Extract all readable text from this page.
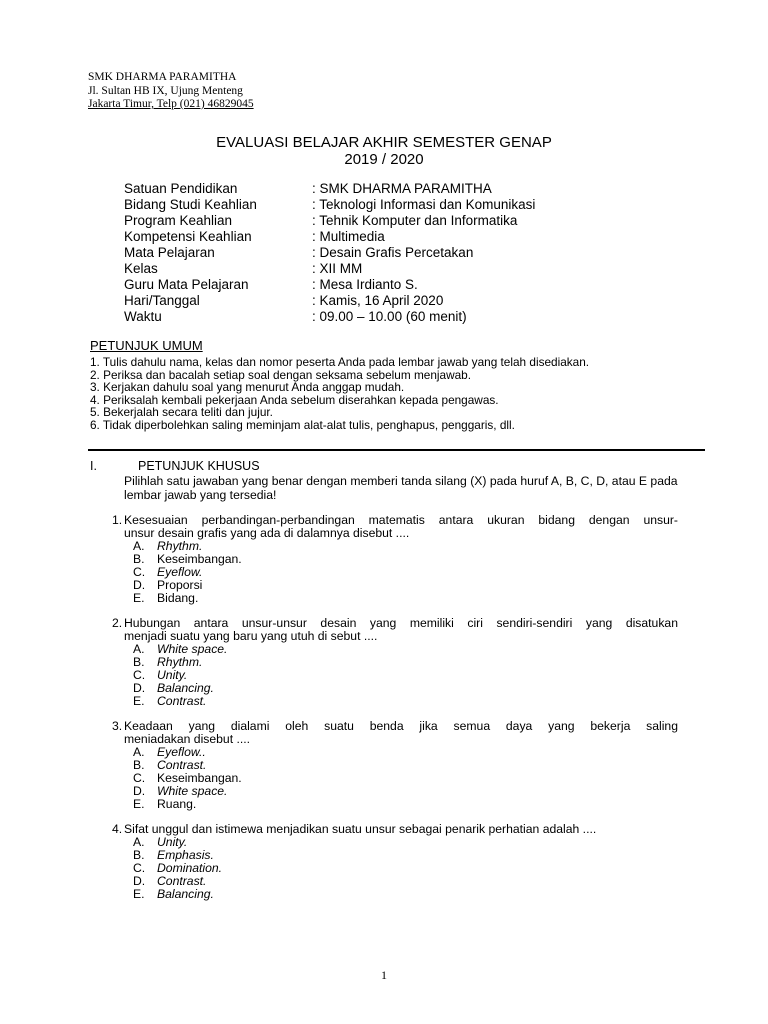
SMK DHARMA PARAMITHA
Jl. Sultan HB IX, Ujung Menteng
Jakarta Timur, Telp (021) 46829045
EVALUASI BELAJAR AKHIR SEMESTER GENAP
2019 / 2020
Satuan Pendidikan	: SMK DHARMA PARAMITHA
Bidang Studi Keahlian	: Teknologi Informasi dan Komunikasi
Program Keahlian	: Tehnik Komputer dan Informatika
Kompetensi Keahlian	: Multimedia
Mata Pelajaran	: Desain Grafis Percetakan
Kelas	: XII MM
Guru Mata Pelajaran	: Mesa Irdianto S.
Hari/Tanggal	: Kamis, 16 April 2020
Waktu	: 09.00 – 10.00 (60 menit)
PETUNJUK UMUM
1. Tulis dahulu nama, kelas dan nomor peserta Anda pada lembar jawab yang telah disediakan.
2. Periksa dan bacalah setiap soal dengan seksama sebelum menjawab.
3. Kerjakan dahulu soal yang menurut Anda anggap mudah.
4. Periksalah kembali pekerjaan Anda sebelum diserahkan kepada pengawas.
5. Bekerjalah secara teliti dan jujur.
6. Tidak diperbolehkan saling meminjam alat-alat tulis, penghapus, penggaris, dll.
I.	PETUNJUK KHUSUS
Pilihlah satu jawaban yang benar dengan memberi tanda silang (X) pada huruf A, B, C, D, atau E pada lembar jawab yang tersedia!
1. Kesesuaian perbandingan-perbandingan matematis antara ukuran bidang dengan unsur-
unsur desain grafis yang ada di dalamnya disebut ....
A. Rhythm.
B. Keseimbangan.
C. Eyeflow.
D. Proporsi
E. Bidang.
2. Hubungan antara unsur-unsur desain yang memiliki ciri sendiri-sendiri yang disatukan
menjadi suatu yang baru yang utuh di sebut ....
A. White space.
B. Rhythm.
C. Unity.
D. Balancing.
E. Contrast.
3. Keadaan yang dialami oleh suatu benda jika semua daya yang bekerja saling
meniadakan disebut ....
A. Eyeflow..
B. Contrast.
C. Keseimbangan.
D. White space.
E. Ruang.
4. Sifat unggul dan istimewa menjadikan suatu unsur sebagai penarik perhatian adalah ....
A. Unity.
B. Emphasis.
C. Domination.
D. Contrast.
E. Balancing.
1
